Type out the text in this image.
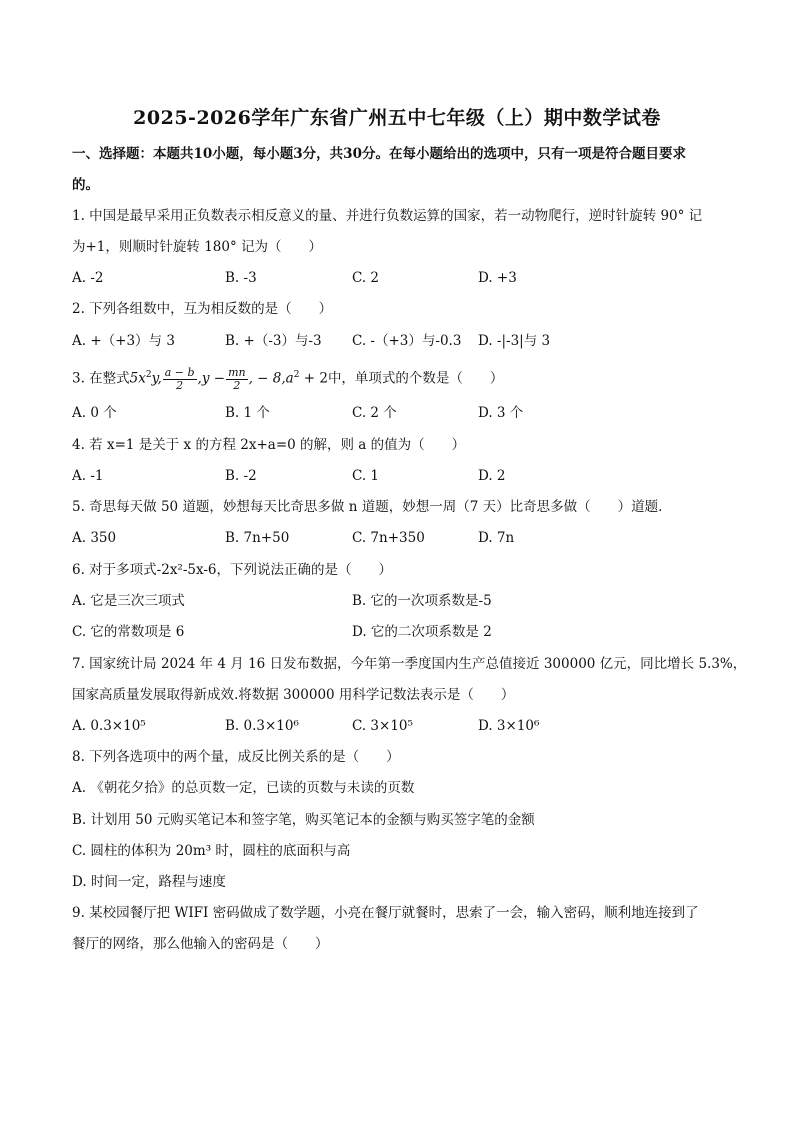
2025-2026学年广东省广州五中七年级（上）期中数学试卷
一、选择题：本题共10小题，每小题3分，共30分。在每小题给出的选项中，只有一项是符合题目要求
的。
1. 中国是最早采用正负数表示相反意义的量、并进行负数运算的国家，若一动物爬行，逆时针旋转 90° 记
为+1，则顺时针旋转 180° 记为（　　）
A. -2	B. -3	C. 2	D. +3
2. 下列各组数中，互为相反数的是（　　）
A. +（+3）与 3	B. +（-3）与-3 C. -（+3）与-0.3 D. -|-3|与 3
3. 在整式$5x^2y$, $\frac{a - b}{2} ,y - \frac{mn}{2}$ , − $8,a^2 + 2$中，单项式的个数是（　　）
A. 0 个	B. 1 个	C. 2 个	D. 3 个
4. 若 x=1 是关于 x 的方程 2x+a=0 的解，则 a 的值为（　　）
A. -1	B. -2	C. 1	D. 2
5. 奇思每天做 50 道题，妙想每天比奇思多做 n 道题，妙想一周（7 天）比奇思多做（　　）道题.
A. 350	B. 7n+50	C. 7n+350	D. 7n
6. 对于多项式-2x²-5x-6，下列说法正确的是（　　）
A. 它是三次三项式	B. 它的一次项系数是-5
C. 它的常数项是 6	D. 它的二次项系数是 2
7. 国家统计局 2024 年 4 月 16 日发布数据，今年第一季度国内生产总值接近 300000 亿元，同比增长 5.3%，
国家高质量发展取得新成效.将数据 300000 用科学记数法表示是（　　）
A. 0.3×10⁵	B. 0.3×10⁶	C. 3×10⁵	D. 3×10⁶
8. 下列各选项中的两个量，成反比例关系的是（　　）
A. 《朝花夕拾》的总页数一定，已读的页数与未读的页数
B. 计划用 50 元购买笔记本和签字笔，购买笔记本的金额与购买签字笔的金额
C. 圆柱的体积为 20m³ 时，圆柱的底面积与高
D. 时间一定，路程与速度
9. 某校园餐厅把 WIFI 密码做成了数学题，小亮在餐厅就餐时，思索了一会，输入密码，顺利地连接到了
餐厅的网络，那么他输入的密码是（　　）
